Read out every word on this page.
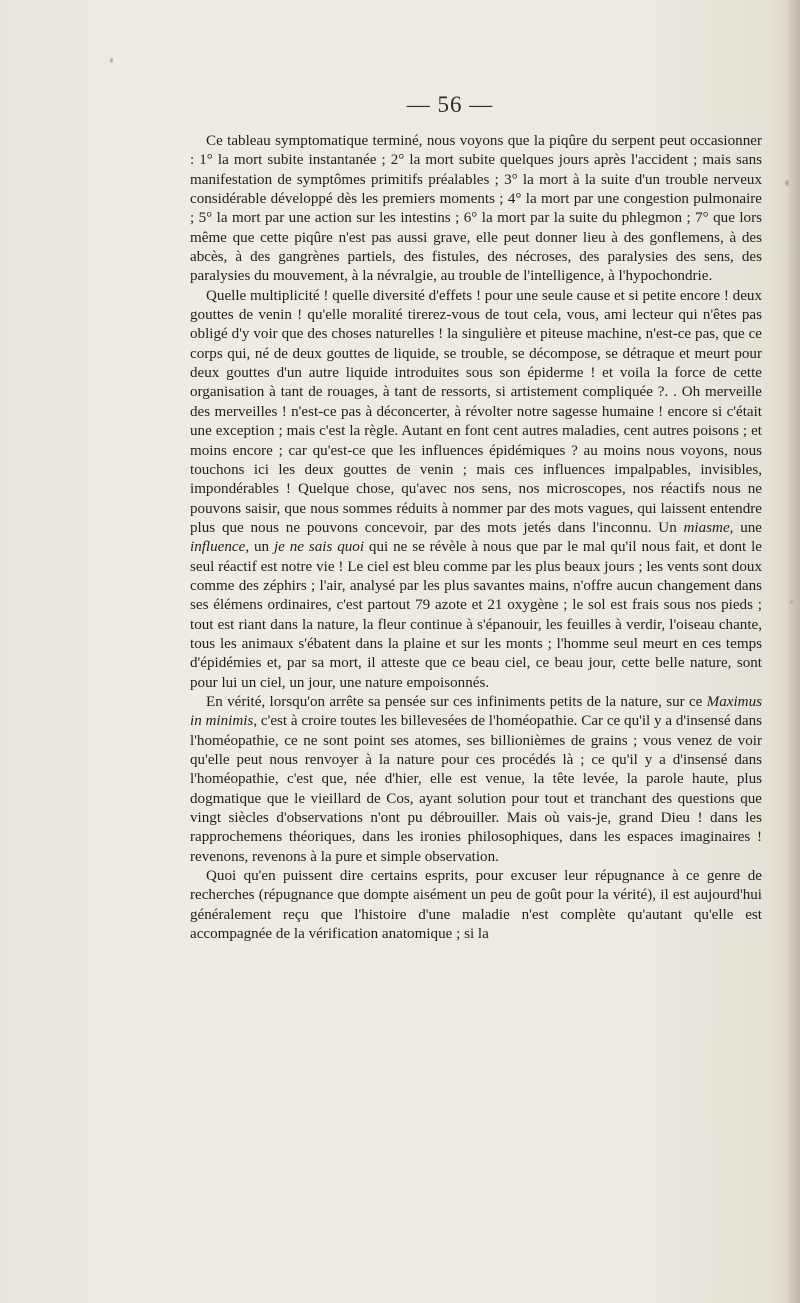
— 56 —

Ce tableau symptomatique terminé, nous voyons que la piqûre du serpent peut occasionner : 1° la mort subite instantanée ; 2° la mort subite quelques jours après l'accident ; mais sans manifestation de symptômes primitifs préalables ; 3° la mort à la suite d'un trouble nerveux considérable développé dès les premiers moments ; 4° la mort par une congestion pulmonaire ; 5° la mort par une action sur les intestins ; 6° la mort par la suite du phlegmon ; 7° que lors même que cette piqûre n'est pas aussi grave, elle peut donner lieu à des gonflemens, à des abcès, à des gangrènes partiels, des fistules, des nécroses, des paralysies des sens, des paralysies du mouvement, à la névralgie, au trouble de l'intelligence, à l'hypochondrie.

Quelle multiplicité ! quelle diversité d'effets ! pour une seule cause et si petite encore ! deux gouttes de venin ! qu'elle moralité tirerez-vous de tout cela, vous, ami lecteur qui n'êtes pas obligé d'y voir que des choses naturelles ! la singulière et piteuse machine, n'est-ce pas, que ce corps qui, né de deux gouttes de liquide, se trouble, se décompose, se détraque et meurt pour deux gouttes d'un autre liquide introduites sous son épiderme ! et voila la force de cette organisation à tant de rouages, à tant de ressorts, si artistement compliquée ?. . Oh merveille des merveilles ! n'est-ce pas à déconcerter, à révolter notre sagesse humaine ! encore si c'était une exception ; mais c'est la règle. Autant en font cent autres maladies, cent autres poisons ; et moins encore ; car qu'est-ce que les influences épidémiques ? au moins nous voyons, nous touchons ici les deux gouttes de venin ; mais ces influences impalpables, invisibles, impondérables ! Quelque chose, qu'avec nos sens, nos microscopes, nos réactifs nous ne pouvons saisir, que nous sommes réduits à nommer par des mots vagues, qui laissent entendre plus que nous ne pouvons concevoir, par des mots jetés dans l'inconnu. Un miasme, une influence, un je ne sais quoi qui ne se révèle à nous que par le mal qu'il nous fait, et dont le seul réactif est notre vie ! Le ciel est bleu comme par les plus beaux jours ; les vents sont doux comme des zéphirs ; l'air, analysé par les plus savantes mains, n'offre aucun changement dans ses élémens ordinaires, c'est partout 79 azote et 21 oxygène ; le sol est frais sous nos pieds ; tout est riant dans la nature, la fleur continue à s'épanouir, les feuilles à verdir, l'oiseau chante, tous les animaux s'ébatent dans la plaine et sur les monts ; l'homme seul meurt en ces temps d'épidémies et, par sa mort, il atteste que ce beau ciel, ce beau jour, cette belle nature, sont pour lui un ciel, un jour, une nature empoisonnés.

En vérité, lorsqu'on arrête sa pensée sur ces infiniments petits de la nature, sur ce Maximus in minimis, c'est à croire toutes les billevesées de l'homéopathie. Car ce qu'il y a d'insensé dans l'homéopathie, ce ne sont point ses atomes, ses billionièmes de grains ; vous venez de voir qu'elle peut nous renvoyer à la nature pour ces procédés là ; ce qu'il y a d'insensé dans l'homéopathie, c'est que, née d'hier, elle est venue, la tête levée, la parole haute, plus dogmatique que le vieillard de Cos, ayant solution pour tout et tranchant des questions que vingt siècles d'observations n'ont pu débrouiller. Mais où vais-je, grand Dieu ! dans les rapprochemens théoriques, dans les ironies philosophiques, dans les espaces imaginaires ! revenons, revenons à la pure et simple observation.

Quoi qu'en puissent dire certains esprits, pour excuser leur répugnance à ce genre de recherches (répugnance que dompte aisément un peu de goût pour la vérité), il est aujourd'hui généralement reçu que l'histoire d'une maladie n'est complète qu'autant qu'elle est accompagnée de la vérification anatomique ; si la
